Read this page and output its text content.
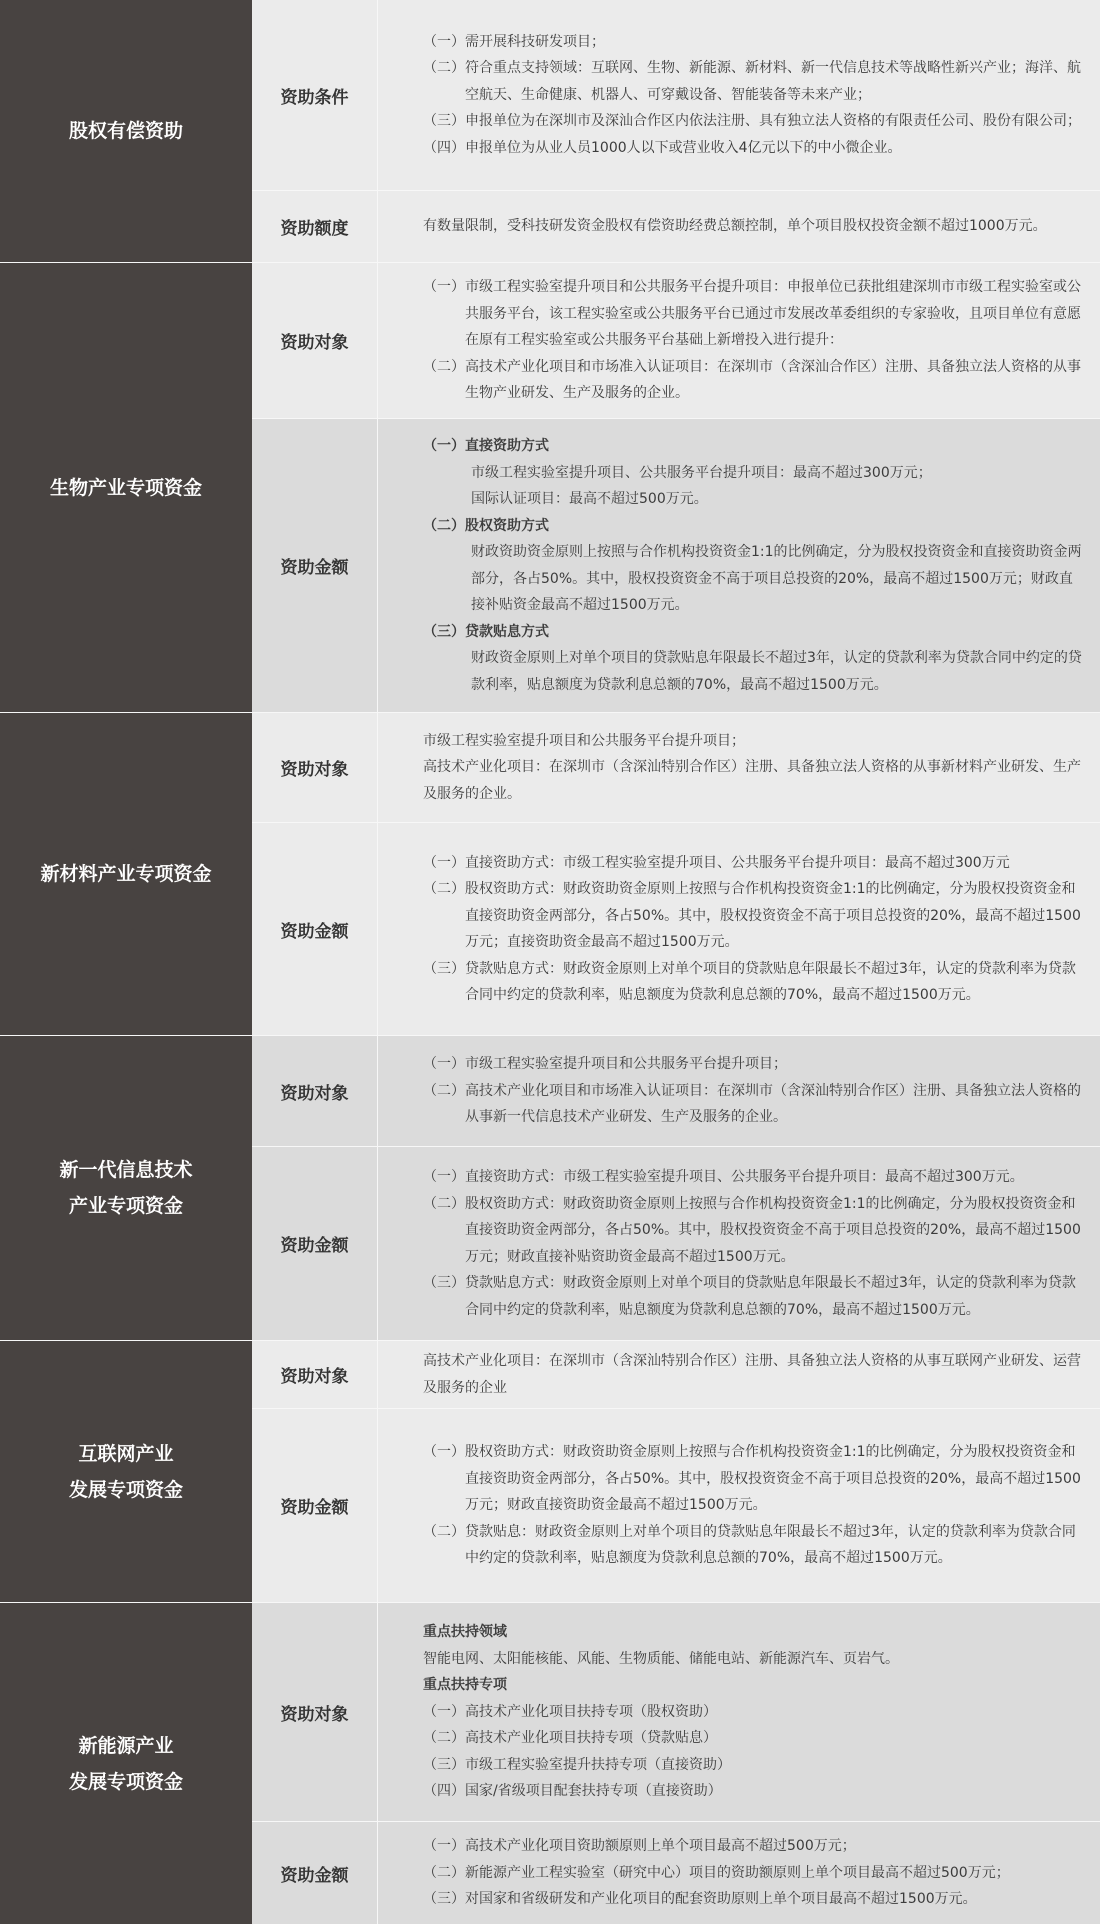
股权有偿资助
资助条件
（一） 需开展科技研发项目；
（二） 符合重点支持领域：互联网、生物、新能源、新材料、新一代信息技术等战略性新兴产业；海洋、航空航天、生命健康、机器人、可穿戴设备、智能装备等未来产业；
（三） 申报单位为在深圳市及深汕合作区内依法注册、具有独立法人资格的有限责任公司、股份有限公司；
（四） 申报单位为从业人员1000人以下或营业收入4亿元以下的中小微企业。
资助额度	有数量限制，受科技研发资金股权有偿资助经费总额控制，单个项目股权投资金额不超过1000万元。
生物产业专项资金
资助对象
（一） 市级工程实验室提升项目和公共服务平台提升项目：申报单位已获批组建深圳市市级工程实验室或公共服务平台，该工程实验室或公共服务平台已通过市发展改革委组织的专家验收，且项目单位有意愿在原有工程实验室或公共服务平台基础上新增投入进行提升：
（二） 高技术产业化项目和市场准入认证项目：在深圳市（含深汕合作区）注册、具备独立法人资格的从事生物产业研发、生产及服务的企业。
资助金额
（一） 直接资助方式
市级工程实验室提升项目、公共服务平台提升项目：最高不超过300万元；
国际认证项目：最高不超过500万元。
（二） 股权资助方式
财政资助资金原则上按照与合作机构投资资金1:1的比例确定，分为股权投资资金和直接资助资金两部分，各占50%。其中，股权投资资金不高于项目总投资的20%，最高不超过1500万元；财政直接补贴资金最高不超过1500万元。
（三） 贷款贴息方式
财政资金原则上对单个项目的贷款贴息年限最长不超过3年，认定的贷款利率为贷款合同中约定的贷款利率，贴息额度为贷款利息总额的70%，最高不超过1500万元。
新材料产业专项资金
资助对象
市级工程实验室提升项目和公共服务平台提升项目；
高技术产业化项目：在深圳市（含深汕特别合作区）注册、具备独立法人资格的从事新材料产业研发、生产及服务的企业。
资助金额
（一） 直接资助方式：市级工程实验室提升项目、公共服务平台提升项目：最高不超过300万元
（二） 股权资助方式：财政资助资金原则上按照与合作机构投资资金1:1的比例确定，分为股权投资资金和直接资助资金两部分，各占50%。其中，股权投资资金不高于项目总投资的20%，最高不超过1500万元；直接资助资金最高不超过1500万元。
（三） 贷款贴息方式：财政资金原则上对单个项目的贷款贴息年限最长不超过3年，认定的贷款利率为贷款合同中约定的贷款利率，贴息额度为贷款利息总额的70%，最高不超过1500万元。
新一代信息技术
产业专项资金
资助对象
（一） 市级工程实验室提升项目和公共服务平台提升项目；
（二） 高技术产业化项目和市场准入认证项目：在深圳市（含深汕特别合作区）注册、具备独立法人资格的从事新一代信息技术产业研发、生产及服务的企业。
资助金额
（一） 直接资助方式：市级工程实验室提升项目、公共服务平台提升项目：最高不超过300万元。
（二） 股权资助方式：财政资助资金原则上按照与合作机构投资资金1:1的比例确定，分为股权投资资金和直接资助资金两部分，各占50%。其中，股权投资资金不高于项目总投资的20%，最高不超过1500万元；财政直接补贴资助资金最高不超过1500万元。
（三） 贷款贴息方式：财政资金原则上对单个项目的贷款贴息年限最长不超过3年，认定的贷款利率为贷款合同中约定的贷款利率，贴息额度为贷款利息总额的70%，最高不超过1500万元。
互联网产业
发展专项资金
资助对象
高技术产业化项目：在深圳市（含深汕特别合作区）注册、具备独立法人资格的从事互联网产业研发、运营及服务的企业
资助金额
（一） 股权资助方式：财政资助资金原则上按照与合作机构投资资金1:1的比例确定，分为股权投资资金和直接资助资金两部分，各占50%。其中，股权投资资金不高于项目总投资的20%，最高不超过1500万元；财政直接资助资金最高不超过1500万元。
（二） 贷款贴息：财政资金原则上对单个项目的贷款贴息年限最长不超过3年，认定的贷款利率为贷款合同中约定的贷款利率，贴息额度为贷款利息总额的70%，最高不超过1500万元。
新能源产业
发展专项资金
资助对象
重点扶持领域
智能电网、太阳能核能、风能、生物质能、储能电站、新能源汽车、页岩气。
重点扶持专项
（一） 高技术产业化项目扶持专项（股权资助）
（二） 高技术产业化项目扶持专项（贷款贴息）
（三） 市级工程实验室提升扶持专项（直接资助）
（四） 国家/省级项目配套扶持专项（直接资助）
资助金额
（一） 高技术产业化项目资助额原则上单个项目最高不超过500万元；
（二） 新能源产业工程实验室（研究中心）项目的资助额原则上单个项目最高不超过500万元；
（三） 对国家和省级研发和产业化项目的配套资助原则上单个项目最高不超过1500万元。
